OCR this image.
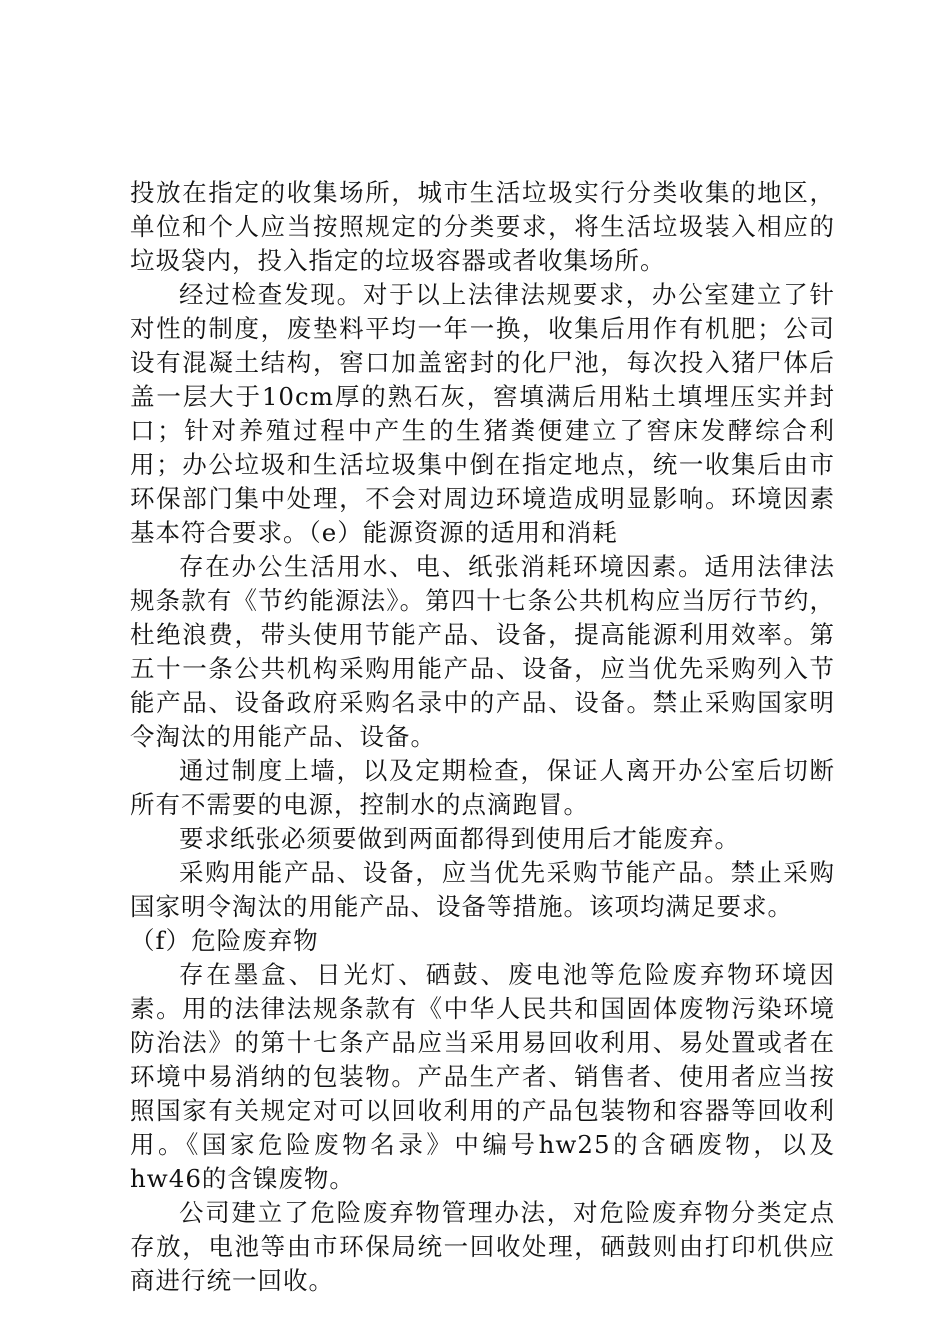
投放在指定的收集场所，城市生活垃圾实行分类收集的地区，单位和个人应当按照规定的分类要求，将生活垃圾装入相应的垃圾袋内，投入指定的垃圾容器或者收集场所。

经过检查发现。对于以上法律法规要求，办公室建立了针对性的制度，废垫料平均一年一换，收集后用作有机肥；公司设有混凝土结构，窖口加盖密封的化尸池，每次投入猪尸体后盖一层大于10cm厚的熟石灰，窖填满后用粘土填埋压实并封口；针对养殖过程中产生的生猪粪便建立了窖床发酵综合利用；办公垃圾和生活垃圾集中倒在指定地点，统一收集后由市环保部门集中处理，不会对周边环境造成明显影响。环境因素基本符合要求。（e）能源资源的适用和消耗

存在办公生活用水、电、纸张消耗环境因素。适用法律法规条款有《节约能源法》。第四十七条公共机构应当厉行节约，杜绝浪费，带头使用节能产品、设备，提高能源利用效率。第五十一条公共机构采购用能产品、设备，应当优先采购列入节能产品、设备政府采购名录中的产品、设备。禁止采购国家明令淘汰的用能产品、设备。

通过制度上墙，以及定期检查，保证人离开办公室后切断所有不需要的电源，控制水的点滴跑冒。

要求纸张必须要做到两面都得到使用后才能废弃。

采购用能产品、设备，应当优先采购节能产品。禁止采购国家明令淘汰的用能产品、设备等措施。该项均满足要求。

（f）危险废弃物

存在墨盒、日光灯、硒鼓、废电池等危险废弃物环境因素。用的法律法规条款有《中华人民共和国固体废物污染环境防治法》的第十七条产品应当采用易回收利用、易处置或者在环境中易消纳的包装物。产品生产者、销售者、使用者应当按照国家有关规定对可以回收利用的产品包装物和容器等回收利用。《国家危险废物名录》中编号hw25的含硒废物，以及hw46的含镍废物。

公司建立了危险废弃物管理办法，对危险废弃物分类定点存放，电池等由市环保局统一回收处理，硒鼓则由打印机供应商进行统一回收。
